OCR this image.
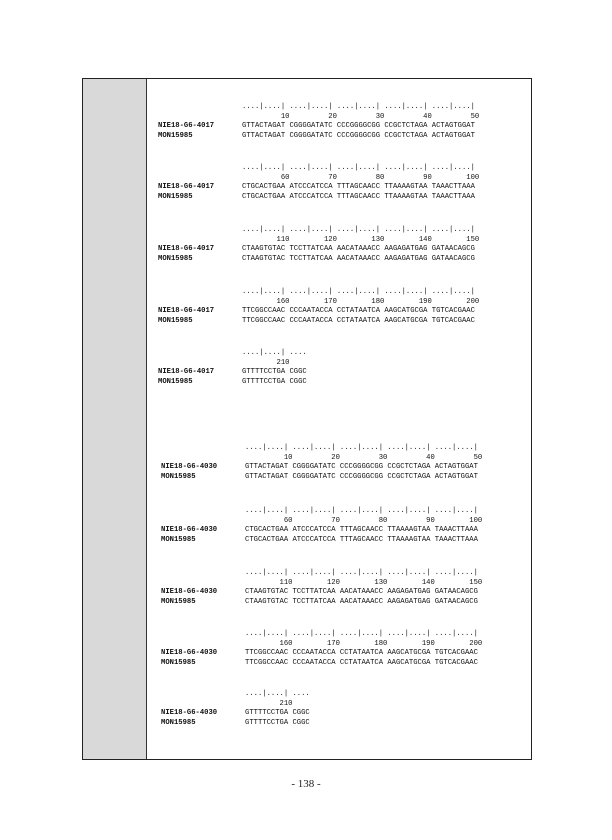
....|....| ....|....| ....|....| ....|....| ....|....|
10         20         30         40         50
NIE18-G6-4017	GTTACTAGAT CGGGGATATC CCCGGGGCGG CCGCTCTAGA ACTAGTGGAT
MON15985	GTTACTAGAT CGGGGATATC CCCGGGGCGG CCGCTCTAGA ACTAGTGGAT
....|....| ....|....| ....|....| ....|....| ....|....|
60         70         80         90        100
NIE18-G6-4017	CTGCACTGAA ATCCCATCCA TTTAGCAACC TTAAAAGTAA TAAACTTAAA
MON15985	CTGCACTGAA ATCCCATCCA TTTAGCAACC TTAAAAGTAA TAAACTTAAA
....|....| ....|....| ....|....| ....|....| ....|....|
110        120        130        140        150
NIE18-G6-4017	CTAAGTGTAC TCCTTATCAA AACATAAACC AAGAGATGAG GATAACAGCG
MON15985	CTAAGTGTAC TCCTTATCAA AACATAAACC AAGAGATGAG GATAACAGCG
....|....| ....|....| ....|....| ....|....| ....|....|
160        170        180        190        200
NIE18-G6-4017	TTCGGCCAAC CCCAATACCA CCTATAATCA AAGCATGCGA TGTCACGAAC
MON15985	TTCGGCCAAC CCCAATACCA CCTATAATCA AAGCATGCGA TGTCACGAAC
....|....| ....
210
NIE18-G6-4017	GTTTTCCTGA CGGC
MON15985	GTTTTCCTGA CGGC
....|....| ....|....| ....|....| ....|....| ....|....|
10         20         30         40         50
NIE18-G6-4030	GTTACTAGAT CGGGGATATC CCCGGGGCGG CCGCTCTAGA ACTAGTGGAT
MON15985	GTTACTAGAT CGGGGATATC CCCGGGGCGG CCGCTCTAGA ACTAGTGGAT
....|....| ....|....| ....|....| ....|....| ....|....|
60         70         80         90        100
NIE18-G6-4030	CTGCACTGAA ATCCCATCCA TTTAGCAACC TTAAAAGTAA TAAACTTAAA
MON15985	CTGCACTGAA ATCCCATCCA TTTAGCAACC TTAAAAGTAA TAAACTTAAA
....|....| ....|....| ....|....| ....|....| ....|....|
110        120        130        140        150
NIE18-G6-4030	CTAAGTGTAC TCCTTATCAA AACATAAACC AAGAGATGAG GATAACAGCG
MON15985	CTAAGTGTAC TCCTTATCAA AACATAAACC AAGAGATGAG GATAACAGCG
....|....| ....|....| ....|....| ....|....| ....|....|
160        170        180        190        200
NIE18-G6-4030	TTCGGCCAAC CCCAATACCA CCTATAATCA AAGCATGCGA TGTCACGAAC
MON15985	TTCGGCCAAC CCCAATACCA CCTATAATCA AAGCATGCGA TGTCACGAAC
....|....| ....
210
NIE18-G6-4030	GTTTTCCTGA CGGC
MON15985	GTTTTCCTGA CGGC
- 138 -
